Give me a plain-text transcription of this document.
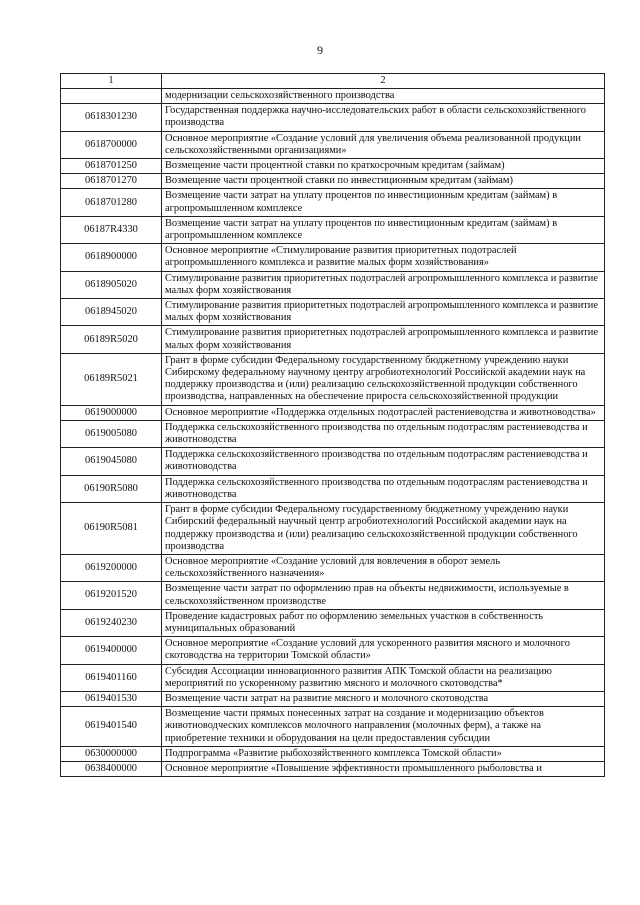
9
1	2
	модернизации сельскохозяйственного производства
0618301230	Государственная поддержка научно-исследовательских работ в области сельскохозяйственного производства
0618700000	Основное мероприятие «Создание условий для увеличения объема реализованной продукции сельскохозяйственными организациями»
0618701250	Возмещение части процентной ставки по краткосрочным кредитам (займам)
0618701270	Возмещение части процентной ставки по инвестиционным кредитам (займам)
0618701280	Возмещение части затрат на уплату процентов по инвестиционным кредитам (займам) в агропромышленном комплексе
06187R4330	Возмещение части затрат на уплату процентов по инвестиционным кредитам (займам) в агропромышленном комплексе
0618900000	Основное мероприятие «Стимулирование развития приоритетных подотраслей агропромышленного комплекса и развитие малых форм хозяйствования»
0618905020	Стимулирование развития приоритетных подотраслей агропромышленного комплекса и развитие малых форм хозяйствования
0618945020	Стимулирование развития приоритетных подотраслей агропромышленного комплекса и развитие малых форм хозяйствования
06189R5020	Стимулирование развития приоритетных подотраслей агропромышленного комплекса и развитие малых форм хозяйствования
06189R5021	Грант в форме субсидии Федеральному государственному бюджетному учреждению науки Сибирскому федеральному научному центру агробиотехнологий Российской академии наук на поддержку производства и (или) реализацию сельскохозяйственной продукции собственного производства, направленных на обеспечение прироста сельскохозяйственной продукции
0619000000	Основное мероприятие «Поддержка отдельных подотраслей растениеводства и животноводства»
0619005080	Поддержка сельскохозяйственного производства по отдельным подотраслям растениеводства и животноводства
0619045080	Поддержка сельскохозяйственного производства по отдельным подотраслям растениеводства и животноводства
06190R5080	Поддержка сельскохозяйственного производства по отдельным подотраслям растениеводства и животноводства
06190R5081	Грант в форме субсидии Федеральному государственному бюджетному учреждению науки Сибирский федеральный научный центр агробиотехнологий Российской академии наук на поддержку производства и (или) реализацию сельскохозяйственной продукции собственного производства
0619200000	Основное мероприятие «Создание условий для вовлечения в оборот земель сельскохозяйственного назначения»
0619201520	Возмещение части затрат по оформлению прав на объекты недвижимости, используемые в сельскохозяйственном производстве
0619240230	Проведение кадастровых работ по оформлению земельных участков в собственность муниципальных образований
0619400000	Основное мероприятие «Создание условий для ускоренного развития мясного и молочного скотоводства на территории Томской области»
0619401160	Субсидия Ассоциации инновационного развития АПК Томской области на реализацию мероприятий по ускоренному развитию мясного и молочного скотоводства*
0619401530	Возмещение части затрат на развитие мясного и молочного скотоводства
0619401540	Возмещение части прямых понесенных затрат на создание и модернизацию объектов животноводческих комплексов молочного направления (молочных ферм), а также на приобретение техники и оборудования на цели предоставления субсидии
0630000000	Подпрограмма «Развитие рыбохозяйственного комплекса Томской области»
0638400000	Основное мероприятие «Повышение эффективности промышленного рыболовства и
